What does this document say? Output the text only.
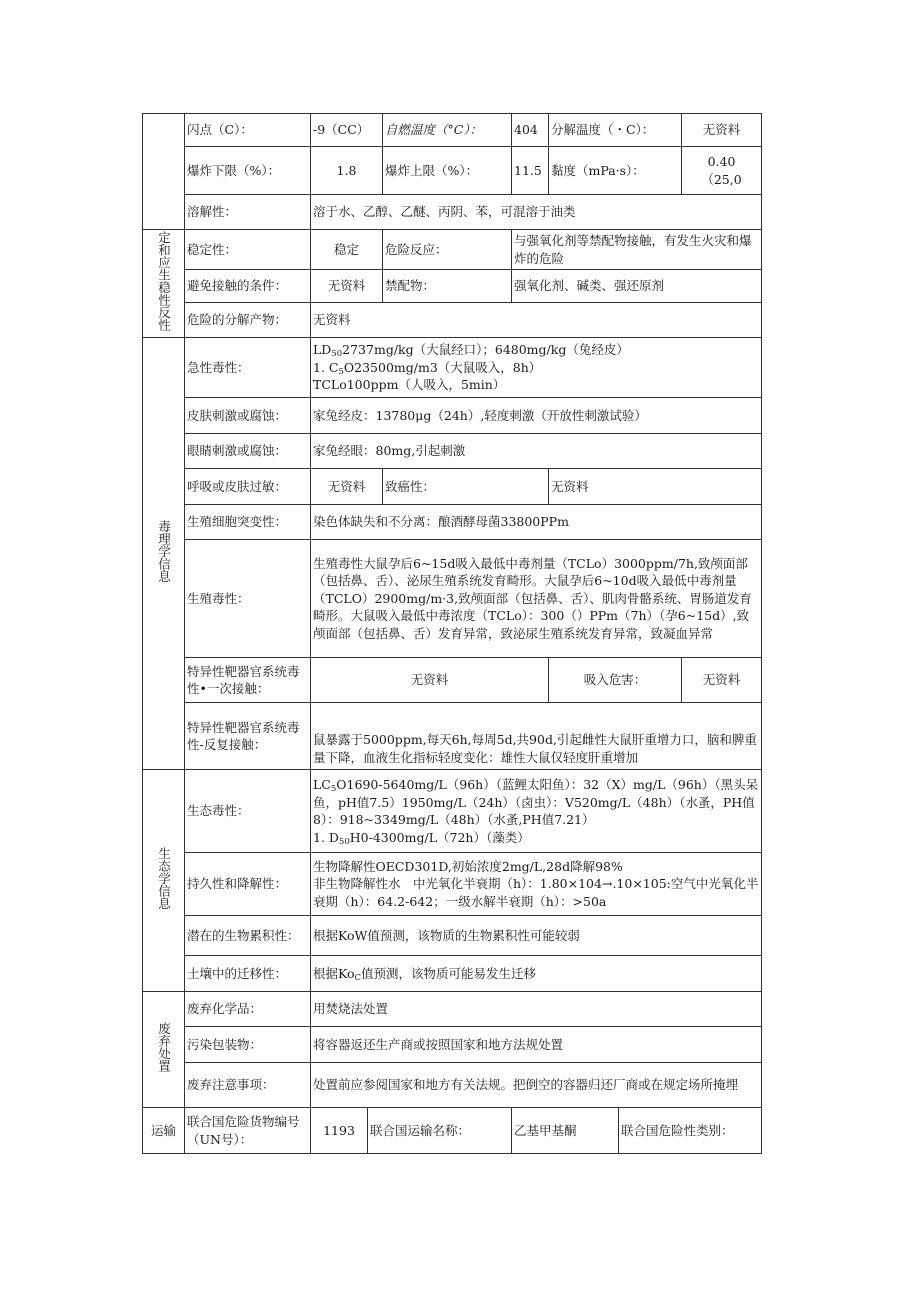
	闪点（C）：	-9（CC）		自燃温度（°C）：	404	分解温度（・C）：		无资料	
	爆炸下限（%）：	1.8		爆炸上限（%）：	11.5	黏度（mPa·s）：		0.40
（25,0	
	溶解性：	溶于水、乙醇、乙醚、丙阴、苯，可混溶于油类							
定和应生稳性反性	稳定性：	稳定		危险反应：	与强氧化剂等禁配物接触，有发生火灾和爆炸的危险				
	避免接触的条件：	无资料		禁配物：	强氧化剂、碱类、强还原剂				
	危险的分解产物：	无资料							
毒理学信息	急性毒性：	$LD_{50}2737mg/kg$（大鼠经口）；6480mg/kg（兔经皮）
1. $C_5O23500mg/m3$（大鼠吸入，8h）
TCLo100ppm（人吸入，5min）							

	皮肤刺激或腐蚀：	家兔经皮：13780μg（24h）,轻度刺激（开放性刺激试验）							
	眼睛刺激或腐蚀：	家兔经眼：80mg,引起刺激							
	呼吸或皮肤过敏：	无资料		致癌性：		无资料			
	生殖细胞突变性：	染色体缺失和不分离：酿酒酵母菌33800PPm							
	生殖毒性：	生殖毒性大鼠孕后6~15d吸入最低中毒剂量（TCLo）3000ppm/7h,致颅面部（包括鼻、舌）、泌尿生殖系统发育畸形。大鼠孕后6~10d吸入最低中毒剂量（TCLO）2900mg/m·3,致颅面部（包括鼻、舌）、肌肉骨骼系统、胃肠道发育畸形。大鼠吸入最低中毒浓度（TCLo）：300（）PPm（7h）（孕6~15d）,致颅面部（包括鼻、舌）发育异常，致泌尿生殖系统发育异常，致凝血异常							
	特异性靶器官系统毒性•一次接触：	无资料				吸入危害：		无资料	
	特异性靶器官系统毒性-反复接触：	鼠暴露于5000ppm,每天6h,每周5d,共90d,引起雌性大鼠肝重增力口，脑和脾重量下降，血液生化指标轻度变化：雄性大鼠仅轻度肝重增加							

生态学信息	生态毒性：	$LC_5O1690-5640mg/L(96h)$（蓝鲤太阳鱼）：32（X）mg/L（96h）（黑头呆鱼，pH值7.5）1950mg/L（24h）（卤虫）：V520mg/L（48h）（水蚤，PH值8）：918~3349mg/L（48h）（水蚤,PH值7.21）
1. $D_{50}H0-4300mg/L(72h)$（藻类）							

	持久性和降解性：	生物降解性OECD301D,初始浓度2mg/L,28d降解98%
非生物降解性水　中光氧化半衰期（h）：1.80×104→.10×105:空气中光氧化半衰期（h）：64.2-642；一级水解半衰期（h）：>50a							

	潜在的生物累积性：	根据KoW值预测，该物质的生物累积性可能较弱							
	土壤中的迁移性：	根据$Ko_C$值预测，该物质可能易发生迁移							
废弃处置	废弃化学品：	用焚烧法处置							
	污染包装物：	将容器返还生产商或按照国家和地方法规处置							
	废弃注意事项：	处置前应参阅国家和地方有关法规。把倒空的容器归还厂商或在规定场所掩埋							
运输	联合国危险货物编号（UN号）：	1193	联合国运输名称：		乙基甲基酮		联合国危险性类别：	
